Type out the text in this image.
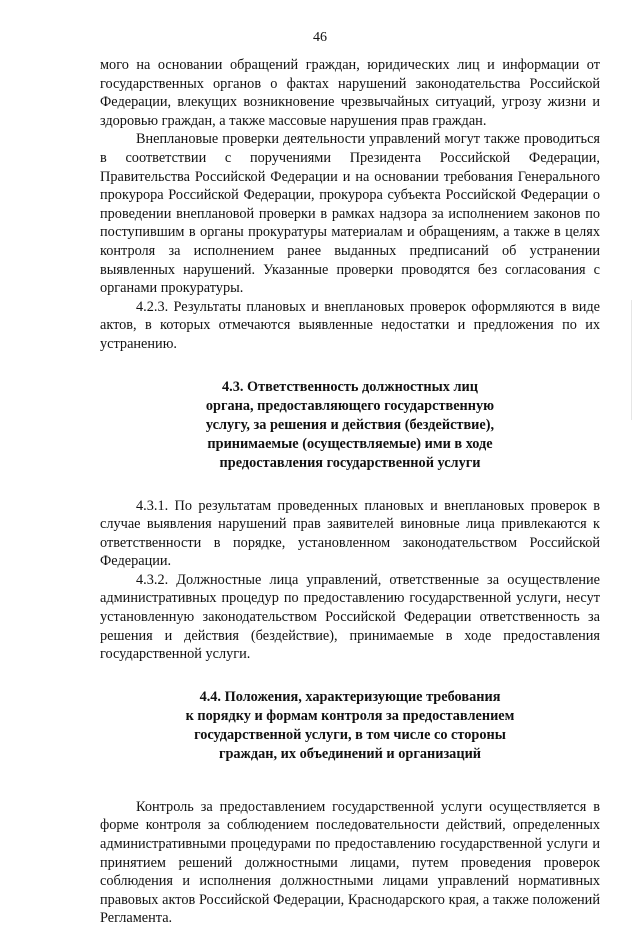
46

мого на основании обращений граждан, юридических лиц и информации от государственных органов о фактах нарушений законодательства Российской Федерации, влекущих возникновение чрезвычайных ситуаций, угрозу жизни и здоровью граждан, а также массовые нарушения прав граждан.

Внеплановые проверки деятельности управлений могут также проводиться в соответствии с поручениями Президента Российской Федерации, Правительства Российской Федерации и на основании требования Генерального прокурора Российской Федерации, прокурора субъекта Российской Федерации о проведении внеплановой проверки в рамках надзора за исполнением законов по поступившим в органы прокуратуры материалам и обращениям, а также в целях контроля за исполнением ранее выданных предписаний об устранении выявленных нарушений. Указанные проверки проводятся без согласования с органами прокуратуры.

4.2.3. Результаты плановых и внеплановых проверок оформляются в виде актов, в которых отмечаются выявленные недостатки и предложения по их устранению.

4.3. Ответственность должностных лиц
органа, предоставляющего государственную
услугу, за решения и действия (бездействие),
принимаемые (осуществляемые) ими в ходе
предоставления государственной услуги

4.3.1. По результатам проведенных плановых и внеплановых проверок в случае выявления нарушений прав заявителей виновные лица привлекаются к ответственности в порядке, установленном законодательством Российской Федерации.

4.3.2. Должностные лица управлений, ответственные за осуществление административных процедур по предоставлению государственной услуги, несут установленную законодательством Российской Федерации ответственность за решения и действия (бездействие), принимаемые в ходе предоставления государственной услуги.

4.4. Положения, характеризующие требования
к порядку и формам контроля за предоставлением
государственной услуги, в том числе со стороны
граждан, их объединений и организаций

Контроль за предоставлением государственной услуги осуществляется в форме контроля за соблюдением последовательности действий, определенных административными процедурами по предоставлению государственной услуги и принятием решений должностными лицами, путем проведения проверок соблюдения и исполнения должностными лицами управлений нормативных правовых актов Российской Федерации, Краснодарского края, а также положений Регламента.
